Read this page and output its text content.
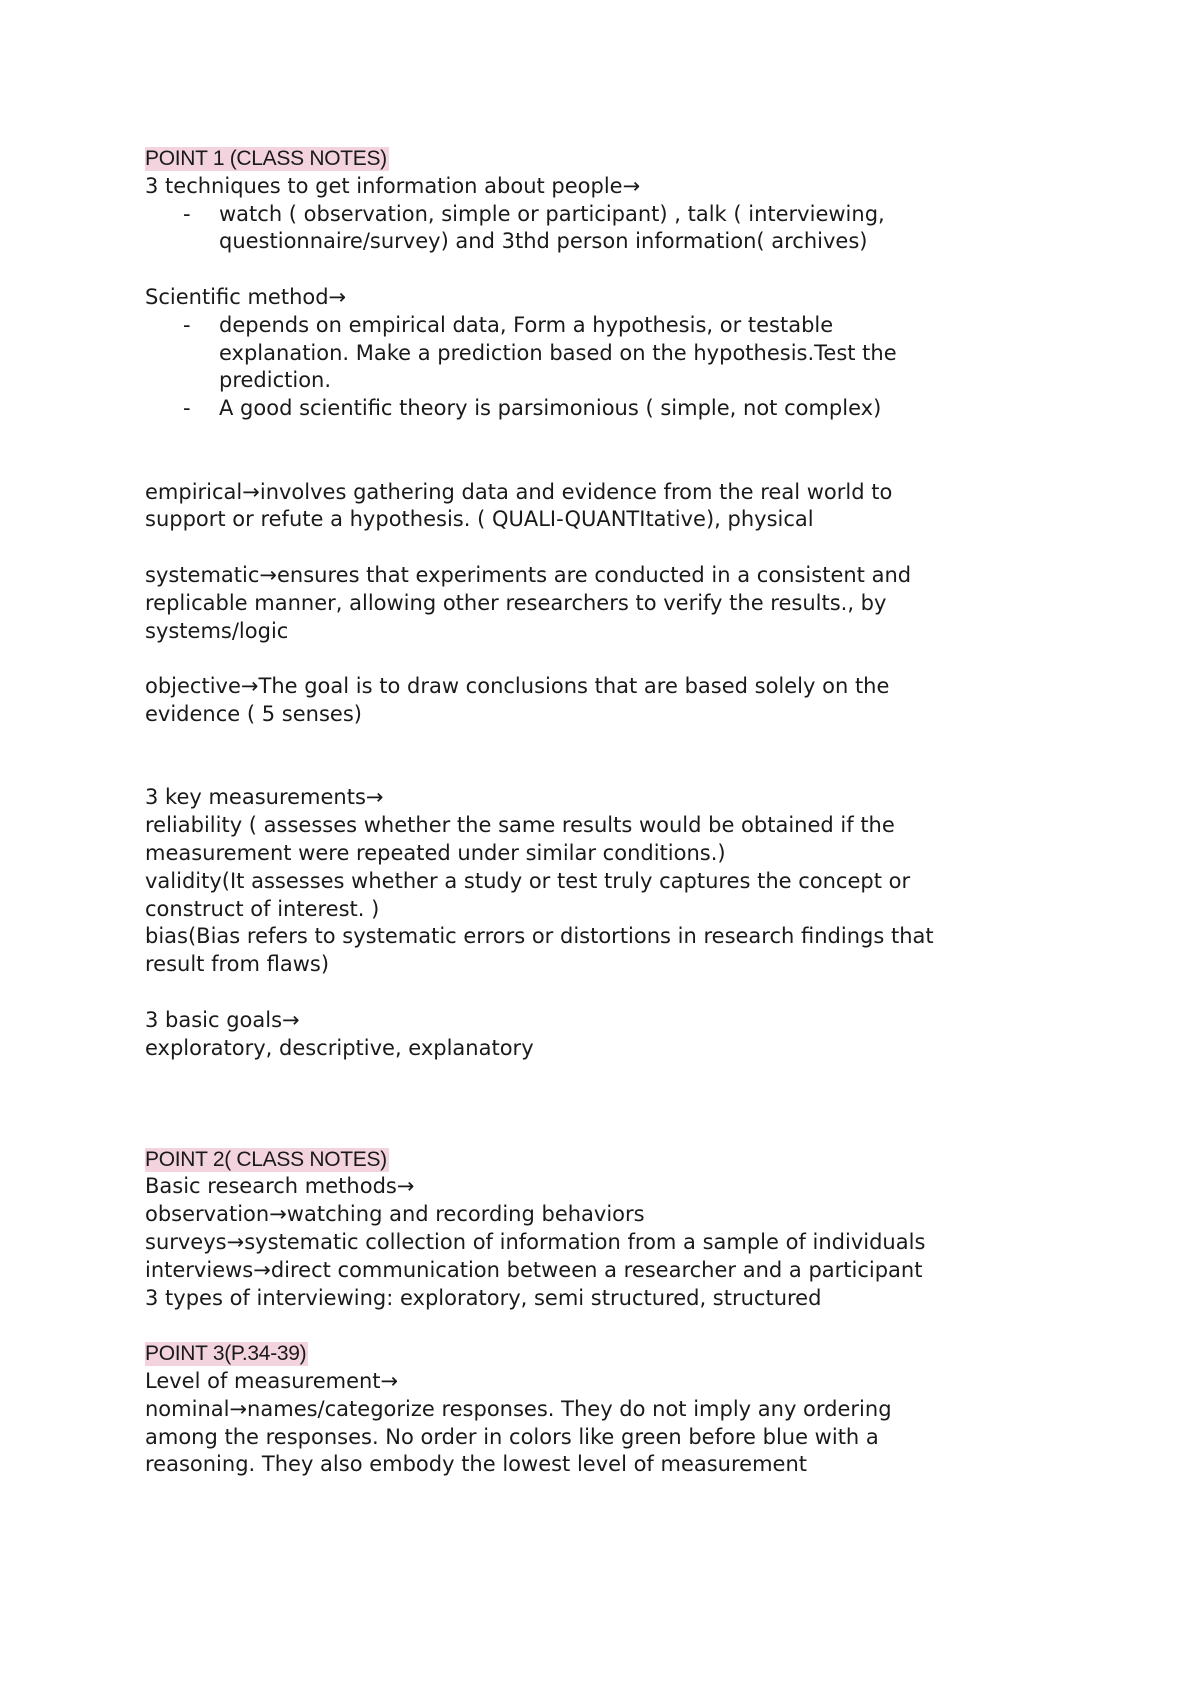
POINT 1 (CLASS NOTES)
3 techniques to get information about people→
- watch ( observation, simple or participant) , talk ( interviewing,
questionnaire/survey) and 3thd person information( archives)
Scientific method→
- depends on empirical data, Form a hypothesis, or testable
explanation. Make a prediction based on the hypothesis.Test the
prediction.
- A good scientific theory is parsimonious ( simple, not complex)
empirical→involves gathering data and evidence from the real world to
support or refute a hypothesis. ( QUALI-QUANTItative), physical
systematic→ensures that experiments are conducted in a consistent and
replicable manner, allowing other researchers to verify the results., by
systems/logic
objective→The goal is to draw conclusions that are based solely on the
evidence ( 5 senses)
3 key measurements→
reliability ( assesses whether the same results would be obtained if the
measurement were repeated under similar conditions.)
validity(It assesses whether a study or test truly captures the concept or
construct of interest. )
bias(Bias refers to systematic errors or distortions in research findings that
result from flaws)
3 basic goals→
exploratory, descriptive, explanatory
POINT 2( CLASS NOTES)
Basic research methods→
observation→watching and recording behaviors
surveys→systematic collection of information from a sample of individuals
interviews→direct communication between a researcher and a participant
3 types of interviewing: exploratory, semi structured, structured
POINT 3(P.34-39)
Level of measurement→
nominal→names/categorize responses. They do not imply any ordering
among the responses. No order in colors like green before blue with a
reasoning. They also embody the lowest level of measurement
